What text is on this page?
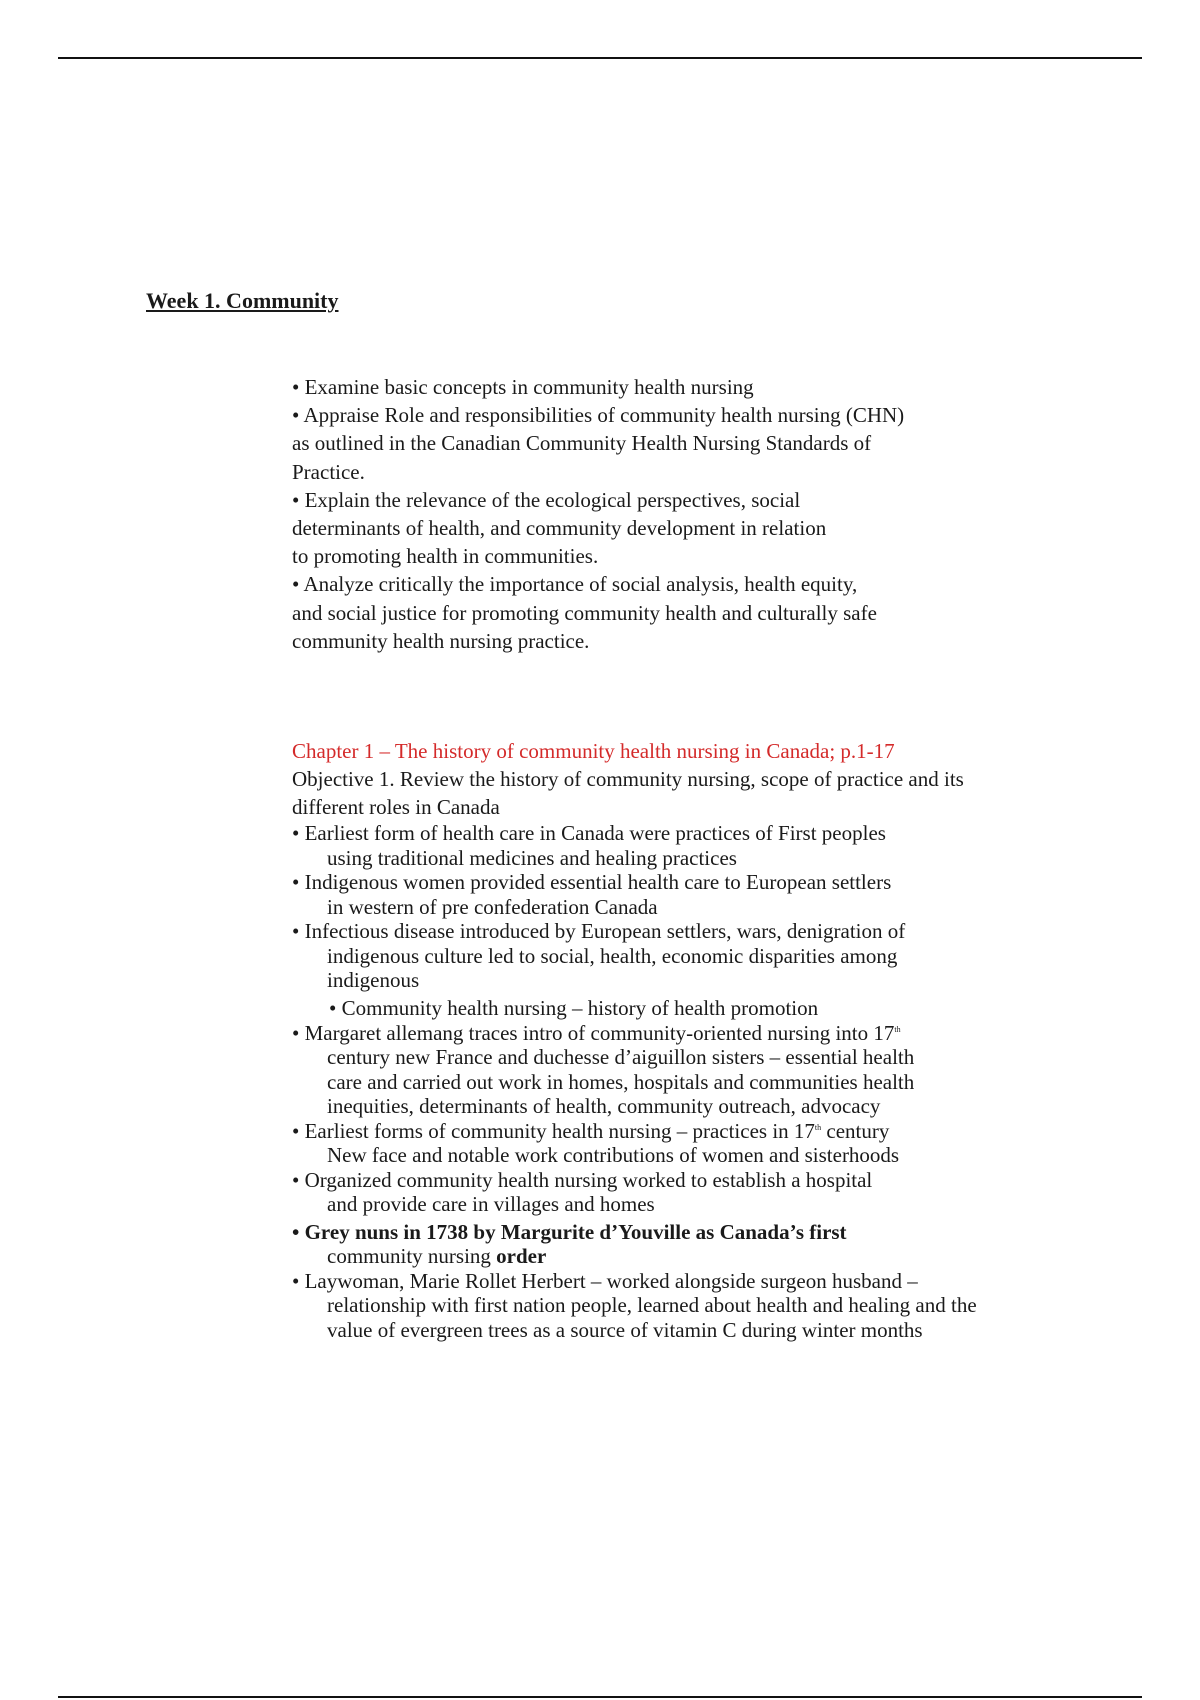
Week 1. Community
• Examine basic concepts in community health nursing
• Appraise Role and responsibilities of community health nursing (CHN)
as outlined in the Canadian Community Health Nursing Standards of
Practice.
• Explain the relevance of the ecological perspectives, social
determinants of health, and community development in relation
to promoting health in communities.
• Analyze critically the importance of social analysis, health equity,
and social justice for promoting community health and culturally safe
community health nursing practice.
Chapter 1 – The history of community health nursing in Canada; p.1-17
Objective 1. Review the history of community nursing, scope of practice and its
different roles in Canada
• Earliest form of health care in Canada were practices of First peoples
using traditional medicines and healing practices
• Indigenous women provided essential health care to European settlers
in western of pre confederation Canada
• Infectious disease introduced by European settlers, wars, denigration of
indigenous culture led to social, health, economic disparities among
indigenous
• Community health nursing – history of health promotion
• Margaret allemang traces intro of community-oriented nursing into 17th
century new France and duchesse d’aiguillon sisters – essential health
care and carried out work in homes, hospitals and communities health
inequities, determinants of health, community outreach, advocacy
• Earliest forms of community health nursing – practices in 17th century
New face and notable work contributions of women and sisterhoods
• Organized community health nursing worked to establish a hospital
and provide care in villages and homes
• Grey nuns in 1738 by Margurite d’Youville as Canada’s first
community nursing order
• Laywoman, Marie Rollet Herbert – worked alongside surgeon husband –
relationship with first nation people, learned about health and healing and the
value of evergreen trees as a source of vitamin C during winter months
